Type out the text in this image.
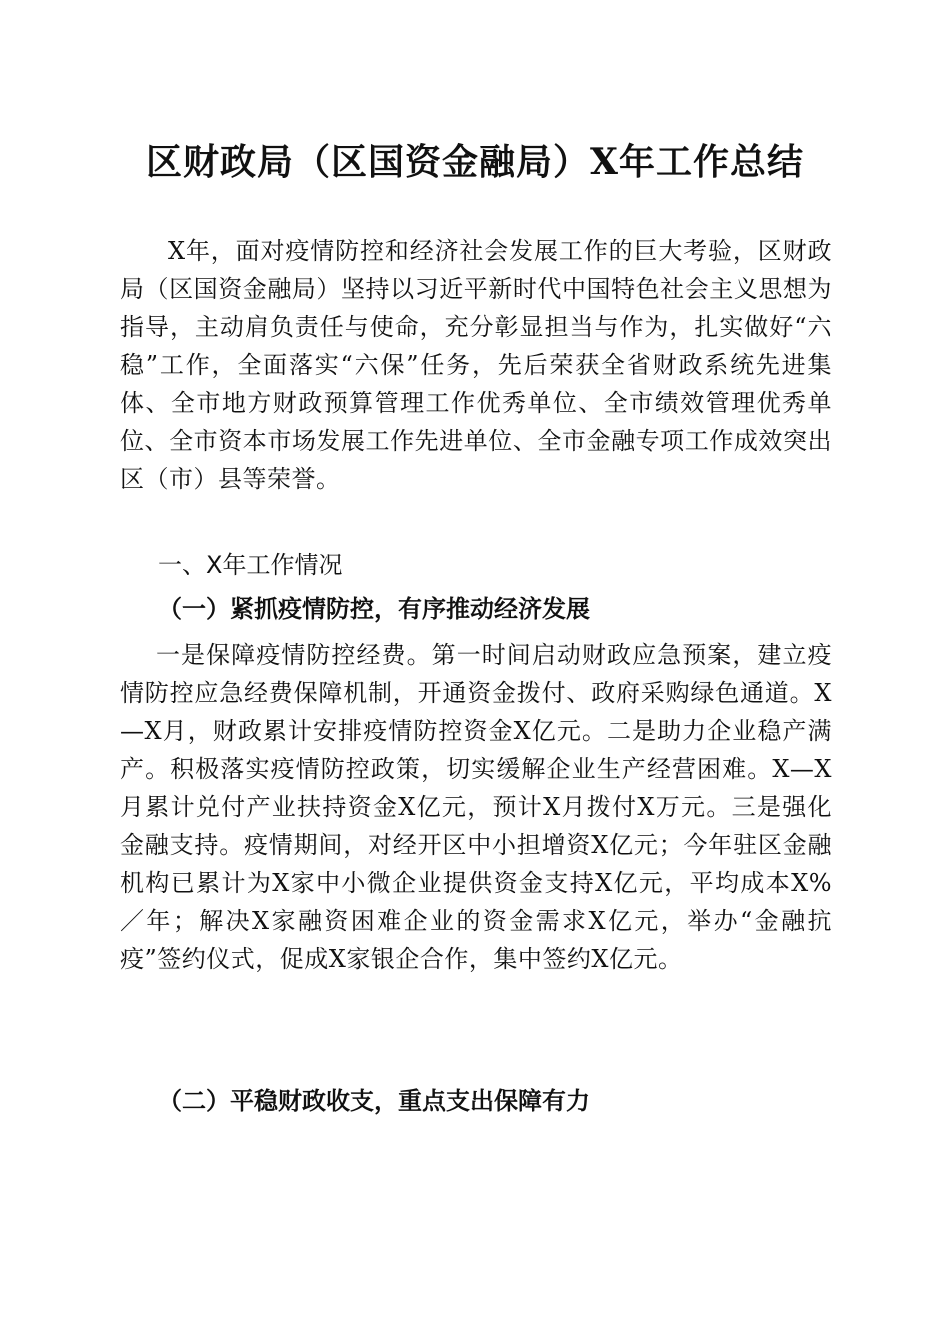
区财政局（区国资金融局）X年工作总结

X年，面对疫情防控和经济社会发展工作的巨大考验，区财政局（区国资金融局）坚持以习近平新时代中国特色社会主义思想为指导，主动肩负责任与使命，充分彰显担当与作为，扎实做好“六稳”工作，全面落实“六保”任务，先后荣获全省财政系统先进集体、全市地方财政预算管理工作优秀单位、全市绩效管理优秀单位、全市资本市场发展工作先进单位、全市金融专项工作成效突出区（市）县等荣誉。

一、X年工作情况
（一）紧抓疫情防控，有序推动经济发展

一是保障疫情防控经费。第一时间启动财政应急预案，建立疫情防控应急经费保障机制，开通资金拨付、政府采购绿色通道。X—X月，财政累计安排疫情防控资金X亿元。二是助力企业稳产满产。积极落实疫情防控政策，切实缓解企业生产经营困难。X—X月累计兑付产业扶持资金X亿元，预计X月拨付X万元。三是强化金融支持。疫情期间，对经开区中小担增资X亿元；今年驻区金融机构已累计为X家中小微企业提供资金支持X亿元，平均成本X%／年；解决X家融资困难企业的资金需求X亿元，举办“金融抗疫”签约仪式，促成X家银企合作，集中签约X亿元。

（二）平稳财政收支，重点支出保障有力
